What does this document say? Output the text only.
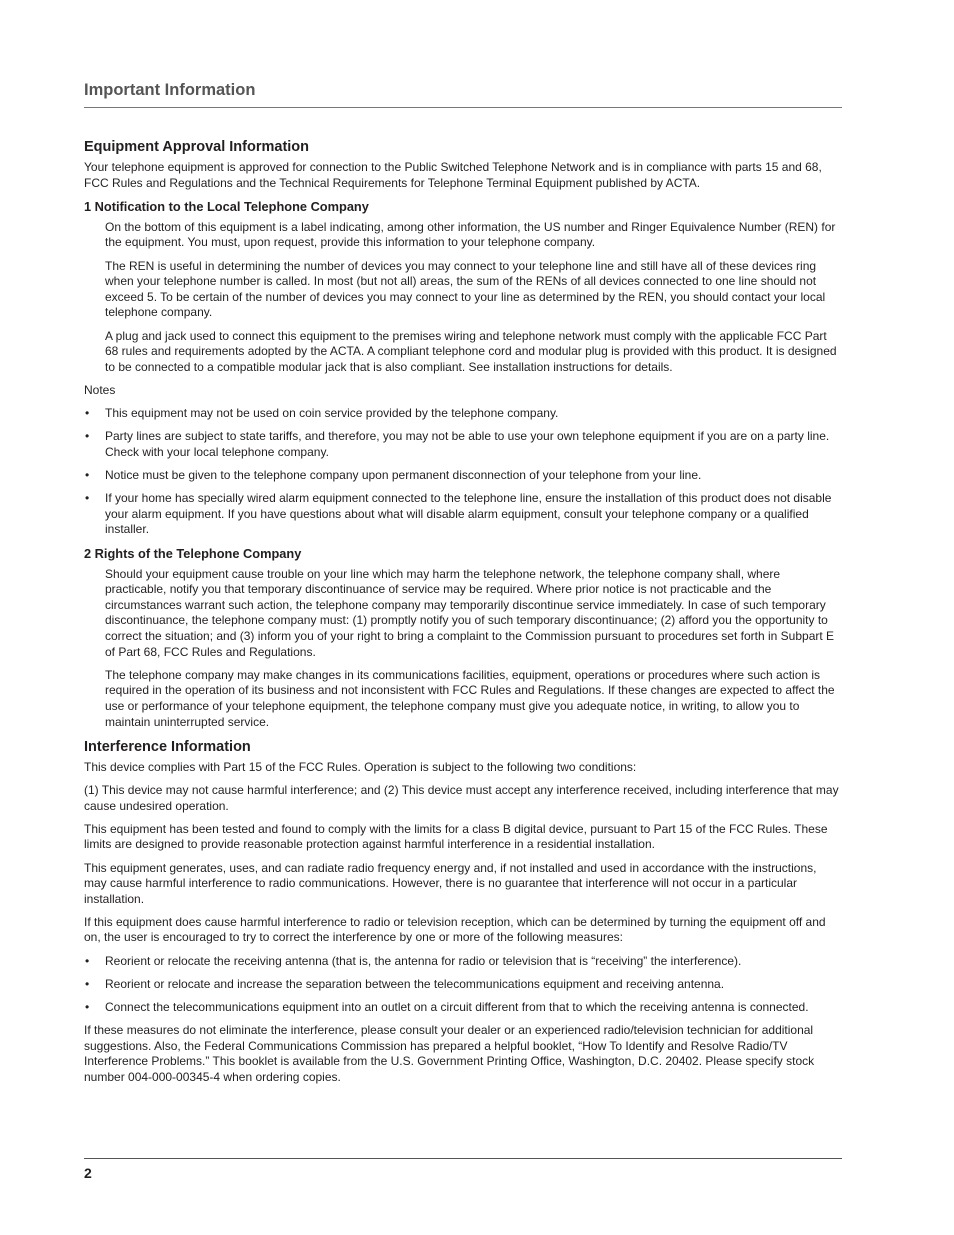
Important Information
Equipment Approval Information

Your telephone equipment is approved for connection to the Public Switched Telephone Network and is in compliance with parts 15 and 68, FCC Rules and Regulations and the Technical Requirements for Telephone Terminal Equipment published by ACTA.

1 Notification to the Local Telephone Company

On the bottom of this equipment is a label indicating, among other information, the US number and Ringer Equivalence Number (REN) for the equipment. You must, upon request, provide this information to your telephone company.

The REN is useful in determining the number of devices you may connect to your telephone line and still have all of these devices ring when your telephone number is called. In most (but not all) areas, the sum of the RENs of all devices connected to one line should not exceed 5. To be certain of the number of devices you may connect to your line as determined by the REN, you should contact your local telephone company.

A plug and jack used to connect this equipment to the premises wiring and telephone network must comply with the applicable FCC Part 68 rules and requirements adopted by the ACTA. A compliant telephone cord and modular plug is provided with this product. It is designed to be connected to a compatible modular jack that is also compliant. See installation instructions for details.

Notes

• This equipment may not be used on coin service provided by the telephone company.
• Party lines are subject to state tariffs, and therefore, you may not be able to use your own telephone equipment if you are on a party line. Check with your local telephone company.
• Notice must be given to the telephone company upon permanent disconnection of your telephone from your line.
• If your home has specially wired alarm equipment connected to the telephone line, ensure the installation of this product does not disable your alarm equipment. If you have questions about what will disable alarm equipment, consult your telephone company or a qualified installer.
2 Rights of the Telephone Company

Should your equipment cause trouble on your line which may harm the telephone network, the telephone company shall, where practicable, notify you that temporary discontinuance of service may be required. Where prior notice is not practicable and the circumstances warrant such action, the telephone company may temporarily discontinue service immediately. In case of such temporary discontinuance, the telephone company must: (1) promptly notify you of such temporary discontinuance; (2) afford you the opportunity to correct the situation; and (3) inform you of your right to bring a complaint to the Commission pursuant to procedures set forth in Subpart E of Part 68, FCC Rules and Regulations.

The telephone company may make changes in its communications facilities, equipment, operations or procedures where such action is required in the operation of its business and not inconsistent with FCC Rules and Regulations. If these changes are expected to affect the use or performance of your telephone equipment, the telephone company must give you adequate notice, in writing, to allow you to maintain uninterrupted service.

Interference Information

This device complies with Part 15 of the FCC Rules. Operation is subject to the following two conditions:

(1) This device may not cause harmful interference; and (2) This device must accept any interference received, including interference that may cause undesired operation.

This equipment has been tested and found to comply with the limits for a class B digital device, pursuant to Part 15 of the FCC Rules. These limits are designed to provide reasonable protection against harmful interference in a residential installation.

This equipment generates, uses, and can radiate radio frequency energy and, if not installed and used in accordance with the instructions, may cause harmful interference to radio communications. However, there is no guarantee that interference will not occur in a particular installation.

If this equipment does cause harmful interference to radio or television reception, which can be determined by turning the equipment off and on, the user is encouraged to try to correct the interference by one or more of the following measures:

• Reorient or relocate the receiving antenna (that is, the antenna for radio or television that is “receiving” the interference).
• Reorient or relocate and increase the separation between the telecommunications equipment and receiving antenna.
• Connect the telecommunications equipment into an outlet on a circuit different from that to which the receiving antenna is connected.

If these measures do not eliminate the interference, please consult your dealer or an experienced radio/television technician for additional suggestions. Also, the Federal Communications Commission has prepared a helpful booklet, “How To Identify and Resolve Radio/TV Interference Problems.” This booklet is available from the U.S. Government Printing Office, Washington, D.C. 20402. Please specify stock number 004-000-00345-4 when ordering copies.

2
